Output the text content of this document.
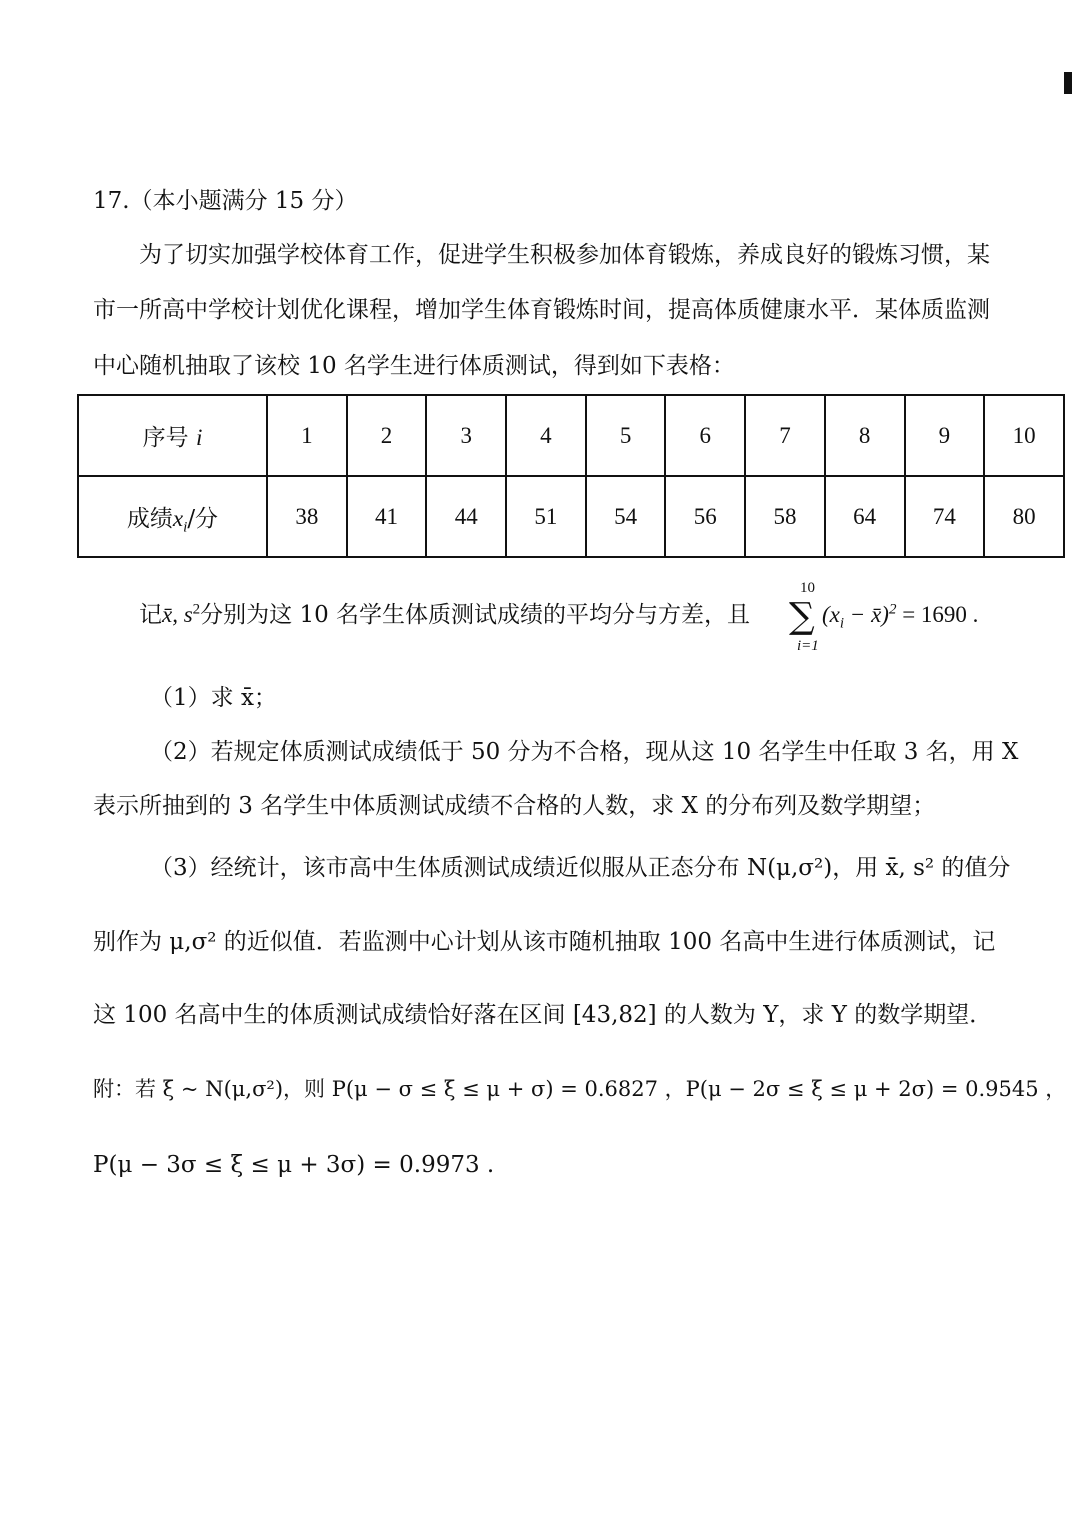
17.（本小题满分 15 分）
为了切实加强学校体育工作，促进学生积极参加体育锻炼，养成良好的锻炼习惯，某
市一所高中学校计划优化课程，增加学生体育锻炼时间，提高体质健康水平．某体质监测
中心随机抽取了该校 10 名学生进行体质测试，得到如下表格：
序号 i	1	2	3	4	5	6	7	8	9	10
成绩$x_i/$分	38	41	44	51	54	56	58	64	74	80
记x̄, $s^2$分别为这 10 名学生体质测试成绩的平均分与方差，且
10
∑
i=1
($x_i$ − x̄)$^2$ = 1690 .
（1）求 x̄；
（2）若规定体质测试成绩低于 50 分为不合格，现从这 10 名学生中任取 3 名，用 X
表示所抽到的 3 名学生中体质测试成绩不合格的人数，求 X 的分布列及数学期望；
（3）经统计，该市高中生体质测试成绩近似服从正态分布 N(μ,σ²)，用 x̄, s² 的值分
别作为 μ,σ² 的近似值．若监测中心计划从该市随机抽取 100 名高中生进行体质测试，记
这 100 名高中生的体质测试成绩恰好落在区间 [43,82] 的人数为 Y，求 Y 的数学期望．
附：若 ξ ~ N(μ,σ²)，则 P(μ − σ ≤ ξ ≤ μ + σ) = 0.6827 ，P(μ − 2σ ≤ ξ ≤ μ + 2σ) = 0.9545 ，
P(μ − 3σ ≤ ξ ≤ μ + 3σ) = 0.9973 .
